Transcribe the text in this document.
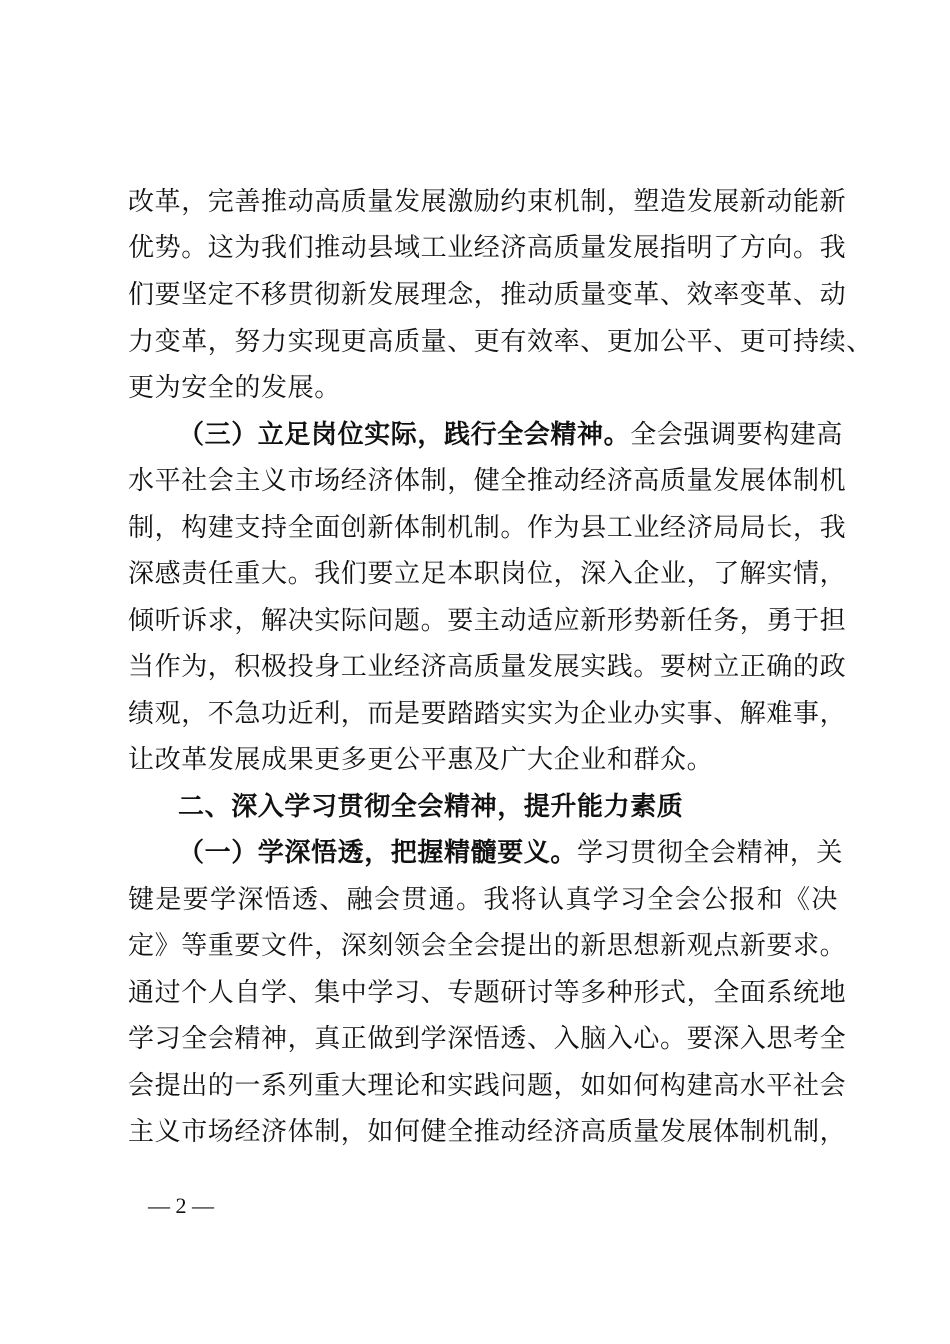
改革，完善推动高质量发展激励约束机制，塑造发展新动能新
优势。这为我们推动县域工业经济高质量发展指明了方向。我
们要坚定不移贯彻新发展理念，推动质量变革、效率变革、动
力变革，努力实现更高质量、更有效率、更加公平、更可持续、
更为安全的发展。
（三）立足岗位实际，践行全会精神。全会强调要构建高
水平社会主义市场经济体制，健全推动经济高质量发展体制机
制，构建支持全面创新体制机制。作为县工业经济局局长，我
深感责任重大。我们要立足本职岗位，深入企业，了解实情，
倾听诉求，解决实际问题。要主动适应新形势新任务，勇于担
当作为，积极投身工业经济高质量发展实践。要树立正确的政
绩观，不急功近利，而是要踏踏实实为企业办实事、解难事，
让改革发展成果更多更公平惠及广大企业和群众。
二、深入学习贯彻全会精神，提升能力素质
（一）学深悟透，把握精髓要义。学习贯彻全会精神，关
键是要学深悟透、融会贯通。我将认真学习全会公报和《决
定》等重要文件，深刻领会全会提出的新思想新观点新要求。
通过个人自学、集中学习、专题研讨等多种形式，全面系统地
学习全会精神，真正做到学深悟透、入脑入心。要深入思考全
会提出的一系列重大理论和实践问题，如如何构建高水平社会
主义市场经济体制，如何健全推动经济高质量发展体制机制，
— 2 —
